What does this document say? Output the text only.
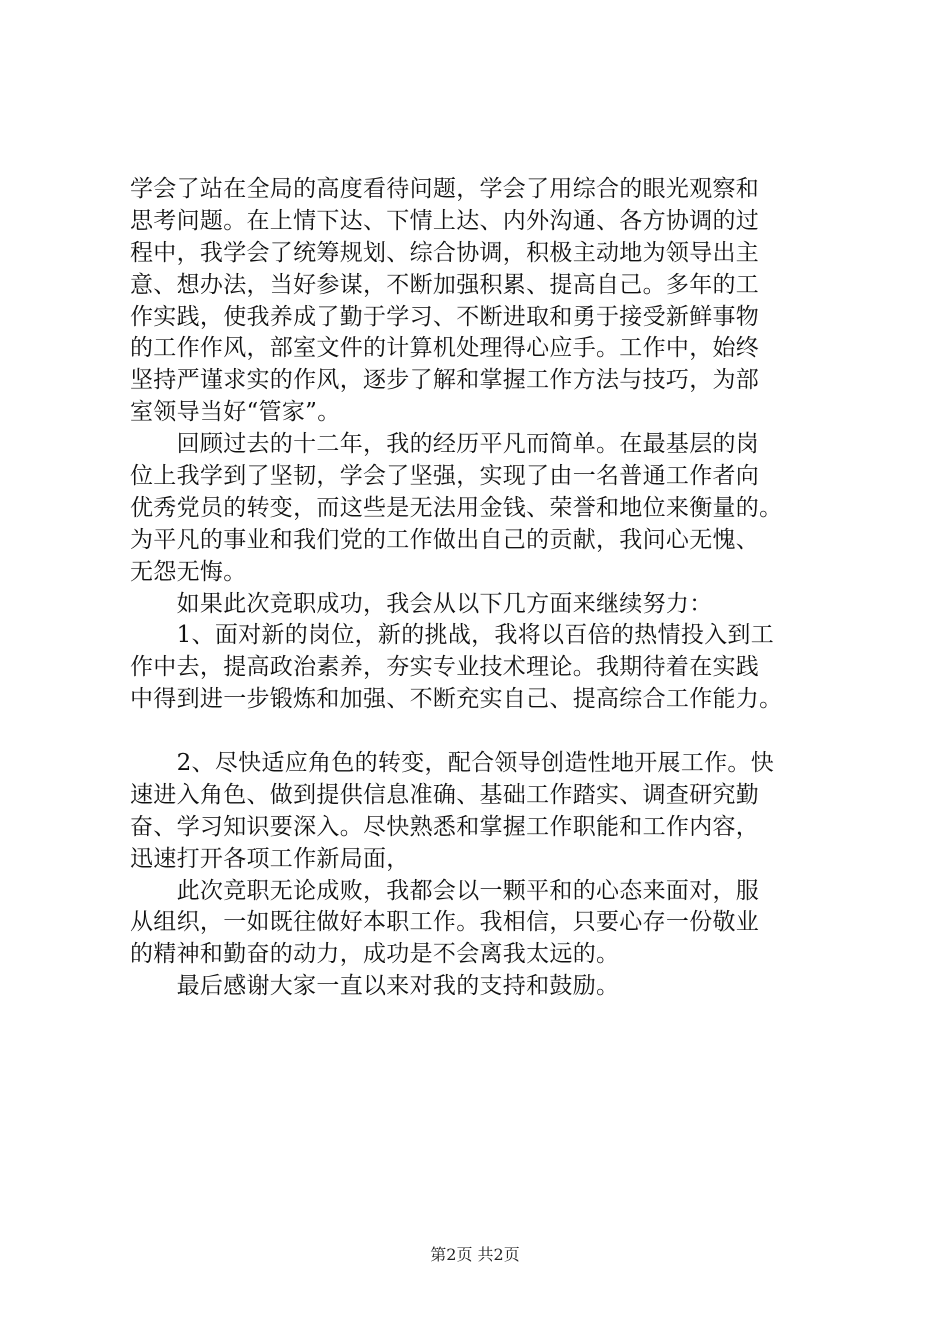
学会了站在全局的高度看待问题，学会了用综合的眼光观察和
思考问题。在上情下达、下情上达、内外沟通、各方协调的过
程中，我学会了统筹规划、综合协调，积极主动地为领导出主
意、想办法，当好参谋，不断加强积累、提高自己。多年的工
作实践，使我养成了勤于学习、不断进取和勇于接受新鲜事物
的工作作风，部室文件的计算机处理得心应手。工作中，始终
坚持严谨求实的作风，逐步了解和掌握工作方法与技巧，为部
室领导当好“管家”。
　　回顾过去的十二年，我的经历平凡而简单。在最基层的岗
位上我学到了坚韧，学会了坚强，实现了由一名普通工作者向
优秀党员的转变，而这些是无法用金钱、荣誉和地位来衡量的。
为平凡的事业和我们党的工作做出自己的贡献，我问心无愧、
无怨无悔。
　　如果此次竞职成功，我会从以下几方面来继续努力：
　　1、面对新的岗位，新的挑战，我将以百倍的热情投入到工
作中去，提高政治素养，夯实专业技术理论。我期待着在实践
中得到进一步锻炼和加强、不断充实自己、提高综合工作能力。
　　2、尽快适应角色的转变，配合领导创造性地开展工作。快
速进入角色、做到提供信息准确、基础工作踏实、调查研究勤
奋、学习知识要深入。尽快熟悉和掌握工作职能和工作内容，
迅速打开各项工作新局面，
　　此次竞职无论成败，我都会以一颗平和的心态来面对，服
从组织，一如既往做好本职工作。我相信，只要心存一份敬业
的精神和勤奋的动力，成功是不会离我太远的。
　　最后感谢大家一直以来对我的支持和鼓励。
第2页 共2页
